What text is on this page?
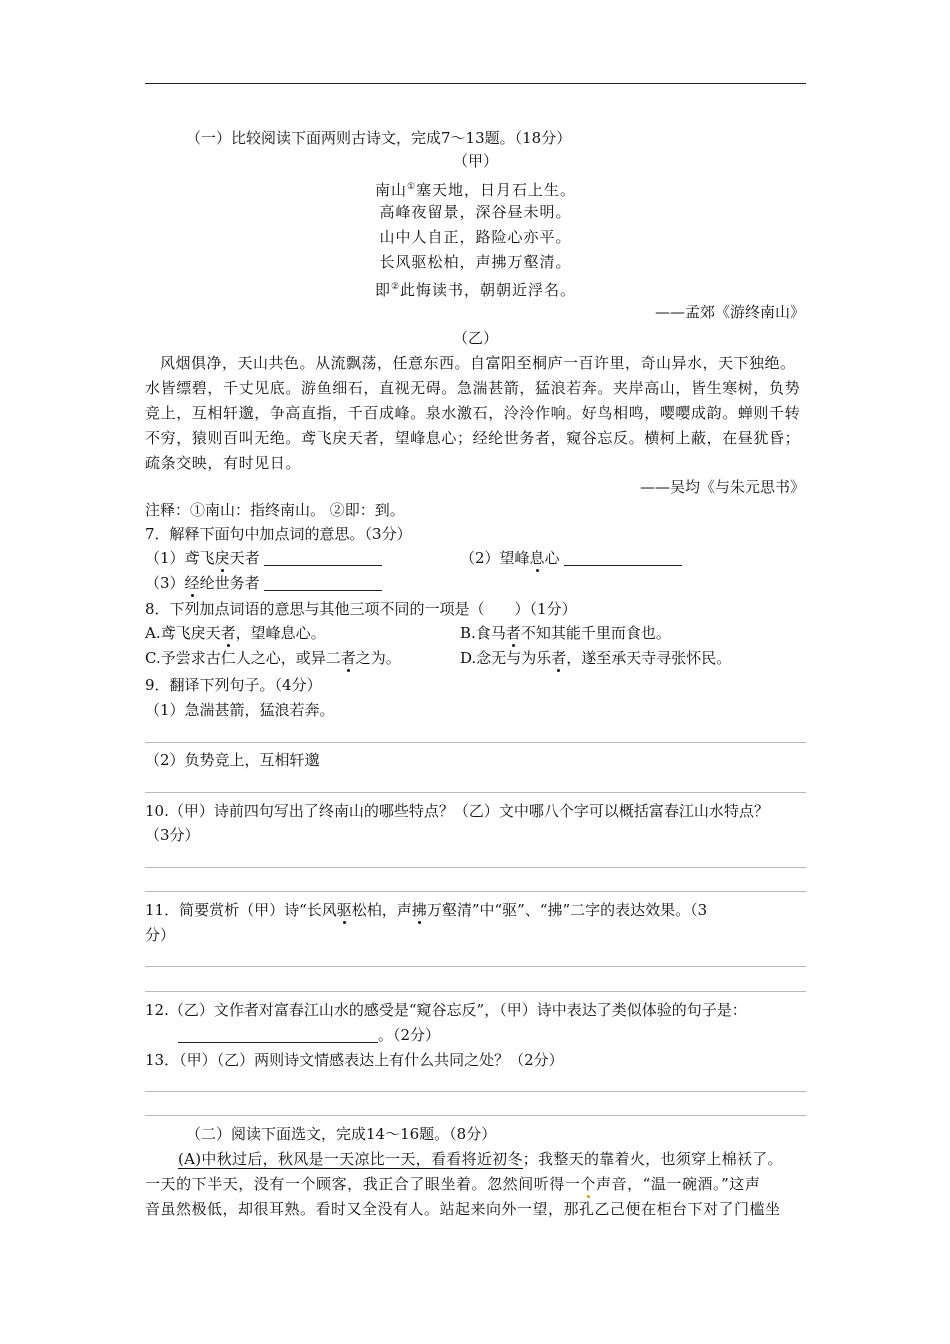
（一）比较阅读下面两则古诗文，完成7～13题。（18分）
（甲）
南山①塞天地，日月石上生。
高峰夜留景，深谷昼未明。
山中人自正，路险心亦平。
长风驱松柏，声拂万壑清。
即②此悔读书，朝朝近浮名。
——孟郊《游终南山》
（乙）
风烟俱净，天山共色。从流飘荡，任意东西。自富阳至桐庐一百许里，奇山异水，天下独绝。
水皆缥碧，千丈见底。游鱼细石，直视无碍。急湍甚箭，猛浪若奔。夹岸高山，皆生寒树，负势
竞上，互相轩邈，争高直指，千百成峰。泉水激石，泠泠作响。好鸟相鸣，嘤嘤成韵。蝉则千转
不穷，猿则百叫无绝。鸢飞戾天者，望峰息心；经纶世务者，窥谷忘反。横柯上蔽，在昼犹昏；
疏条交映，有时见日。
——吴均《与朱元思书》
注释：①南山：指终南山。 ②即：到。
7．解释下面句中加点词的意思。（3分）
（1）鸢飞戾天者	（2）望峰息心
（3）经纶世务者
8．下列加点词语的意思与其他三项不同的一项是（　　）（1分）
A.鸢飞戾天者，望峰息心。	B.食马者不知其能千里而食也。
C.予尝求古仁人之心，或异二者之为。	D.念无与为乐者，遂至承天寺寻张怀民。
9．翻译下列句子。（4分）
（1）急湍甚箭，猛浪若奔。
（2）负势竞上，互相轩邈
10.（甲）诗前四句写出了终南山的哪些特点？（乙）文中哪八个字可以概括富春江山水特点？
（3分）
11．简要赏析（甲）诗“长风驱松柏，声拂万壑清”中“驱”、“拂”二字的表达效果。（3
分）
12.（乙）文作者对富春江山水的感受是“窥谷忘反”，（甲）诗中表达了类似体验的句子是：
。（2分）
13．（甲）（乙）两则诗文情感表达上有什么共同之处？（2分）
（二）阅读下面选文，完成14～16题。（8分）
(A)中秋过后，秋风是一天凉比一天，看看将近初冬；我整天的靠着火，也须穿上棉袄了。
一天的下半天，没有一个顾客，我正合了眼坐着。忽然间听得一个声音，“温一碗酒。”这声
音虽然极低，却很耳熟。看时又全没有人。站起来向外一望，那孔乙己便在柜台下对了门槛坐
